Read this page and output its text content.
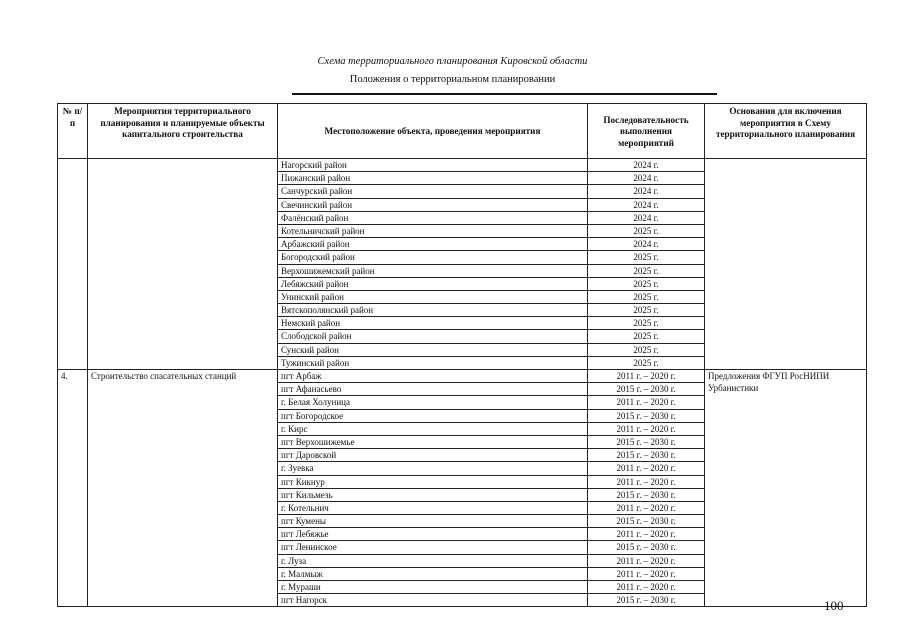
Схема территориального планирования Кировской области
Положения о территориальном планировании
№ п/п	Мероприятия территориального планирования и планируемые объекты капитального строительства	Местоположение объекта, проведения мероприятия	Последовательность выполнения мероприятий	Основания для включения мероприятия в Схему территориального планирования
		Нагорский район	2024 г.	
		Пижанский район	2024 г.	
		Санчурский район	2024 г.	
		Свечинский район	2024 г.	
		Фалёнский район	2024 г.	
		Котельничский район	2025 г.	
		Арбажский район	2024 г.	
		Богородский район	2025 г.	
		Верхошижемский район	2025 г.	
		Лебяжский район	2025 г.	
		Унинский район	2025 г.	
		Вятскополянский район	2025 г.	
		Немский район	2025 г.	
		Слободской район	2025 г.	
		Сунский район	2025 г.	
		Тужинский район	2025 г.	
4.	Строительство спасательных станций	пгт Арбаж	2011 г. – 2020 г.	Предложения ФГУП РосНИПИ Урбанистики
		пгт Афанасьево	2015 г. – 2030 г.	
		г. Белая Холуница	2011 г. – 2020 г.	
		пгт Богородское	2015 г. – 2030 г.	
		г. Кирс	2011 г. – 2020 г.	
		пгт Верхошижемье	2015 г. – 2030 г.	
		пгт Даровской	2015 г. – 2030 г.	
		г. Зуевка	2011 г. – 2020 г.	
		пгт Кикнур	2011 г. – 2020 г.	
		пгт Кильмезь	2015 г. – 2030 г.	
		г. Котельнич	2011 г. – 2020 г.	
		пгт Кумены	2015 г. – 2030 г.	
		пгт Лебяжье	2011 г. – 2020 г.	
		пгт Ленинское	2015 г. – 2030 г.	
		г. Луза	2011 г. – 2020 г.	
		г. Малмыж	2011 г. – 2020 г.	
		г. Мураши	2011 г. – 2020 г.	
		пгт Нагорск	2015 г. – 2030 г.		100
